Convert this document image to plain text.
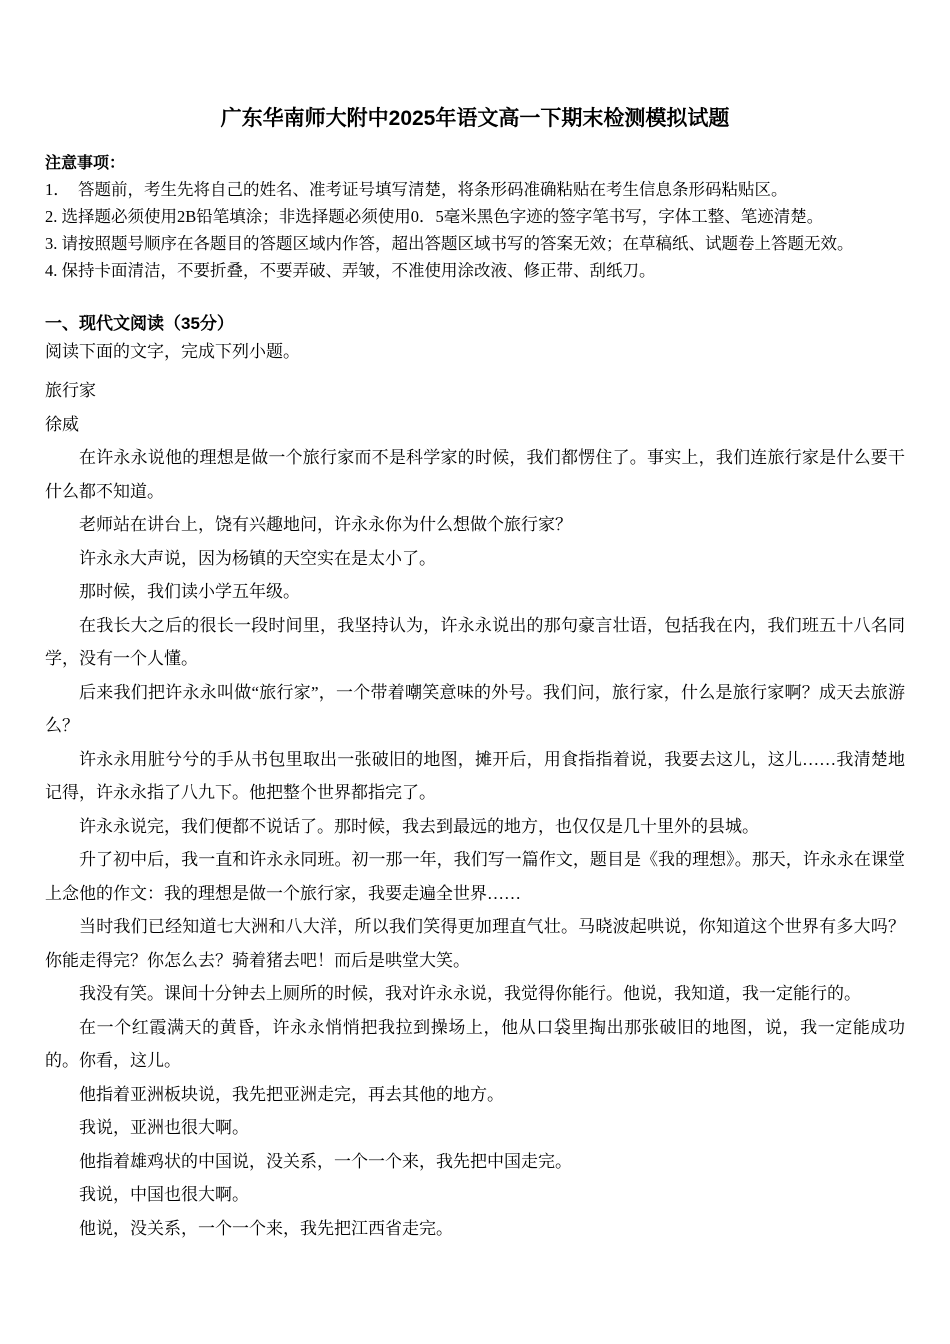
广东华南师大附中2025年语文高一下期末检测模拟试题

注意事项：

1．  答题前，考生先将自己的姓名、准考证号填写清楚，将条形码准确粘贴在考生信息条形码粘贴区。

2. 选择题必须使用2B铅笔填涂；非选择题必须使用0．5毫米黑色字迹的签字笔书写，字体工整、笔迹清楚。

3. 请按照题号顺序在各题目的答题区域内作答，超出答题区域书写的答案无效；在草稿纸、试题卷上答题无效。

4. 保持卡面清洁，不要折叠，不要弄破、弄皱，不准使用涂改液、修正带、刮纸刀。

一、现代文阅读（35分）

阅读下面的文字，完成下列小题。

旅行家

徐威

在许永永说他的理想是做一个旅行家而不是科学家的时候，我们都愣住了。事实上，我们连旅行家是什么要干什么都不知道。

老师站在讲台上，饶有兴趣地问，许永永你为什么想做个旅行家？

许永永大声说，因为杨镇的天空实在是太小了。

那时候，我们读小学五年级。

在我长大之后的很长一段时间里，我坚持认为，许永永说出的那句豪言壮语，包括我在内，我们班五十八名同学，没有一个人懂。

后来我们把许永永叫做“旅行家”，一个带着嘲笑意味的外号。我们问，旅行家，什么是旅行家啊？成天去旅游么？

许永永用脏兮兮的手从书包里取出一张破旧的地图，摊开后，用食指指着说，我要去这儿，这儿……我清楚地记得，许永永指了八九下。他把整个世界都指完了。

许永永说完，我们便都不说话了。那时候，我去到最远的地方，也仅仅是几十里外的县城。

升了初中后，我一直和许永永同班。初一那一年，我们写一篇作文，题目是《我的理想》。那天，许永永在课堂上念他的作文：我的理想是做一个旅行家，我要走遍全世界……

当时我们已经知道七大洲和八大洋，所以我们笑得更加理直气壮。马晓波起哄说，你知道这个世界有多大吗？你能走得完？你怎么去？骑着猪去吧！而后是哄堂大笑。

我没有笑。课间十分钟去上厕所的时候，我对许永永说，我觉得你能行。他说，我知道，我一定能行的。

在一个红霞满天的黄昏，许永永悄悄把我拉到操场上，他从口袋里掏出那张破旧的地图，说，我一定能成功的。你看，这儿。

他指着亚洲板块说，我先把亚洲走完，再去其他的地方。

我说，亚洲也很大啊。

他指着雄鸡状的中国说，没关系，一个一个来，我先把中国走完。

我说，中国也很大啊。

他说，没关系，一个一个来，我先把江西省走完。
